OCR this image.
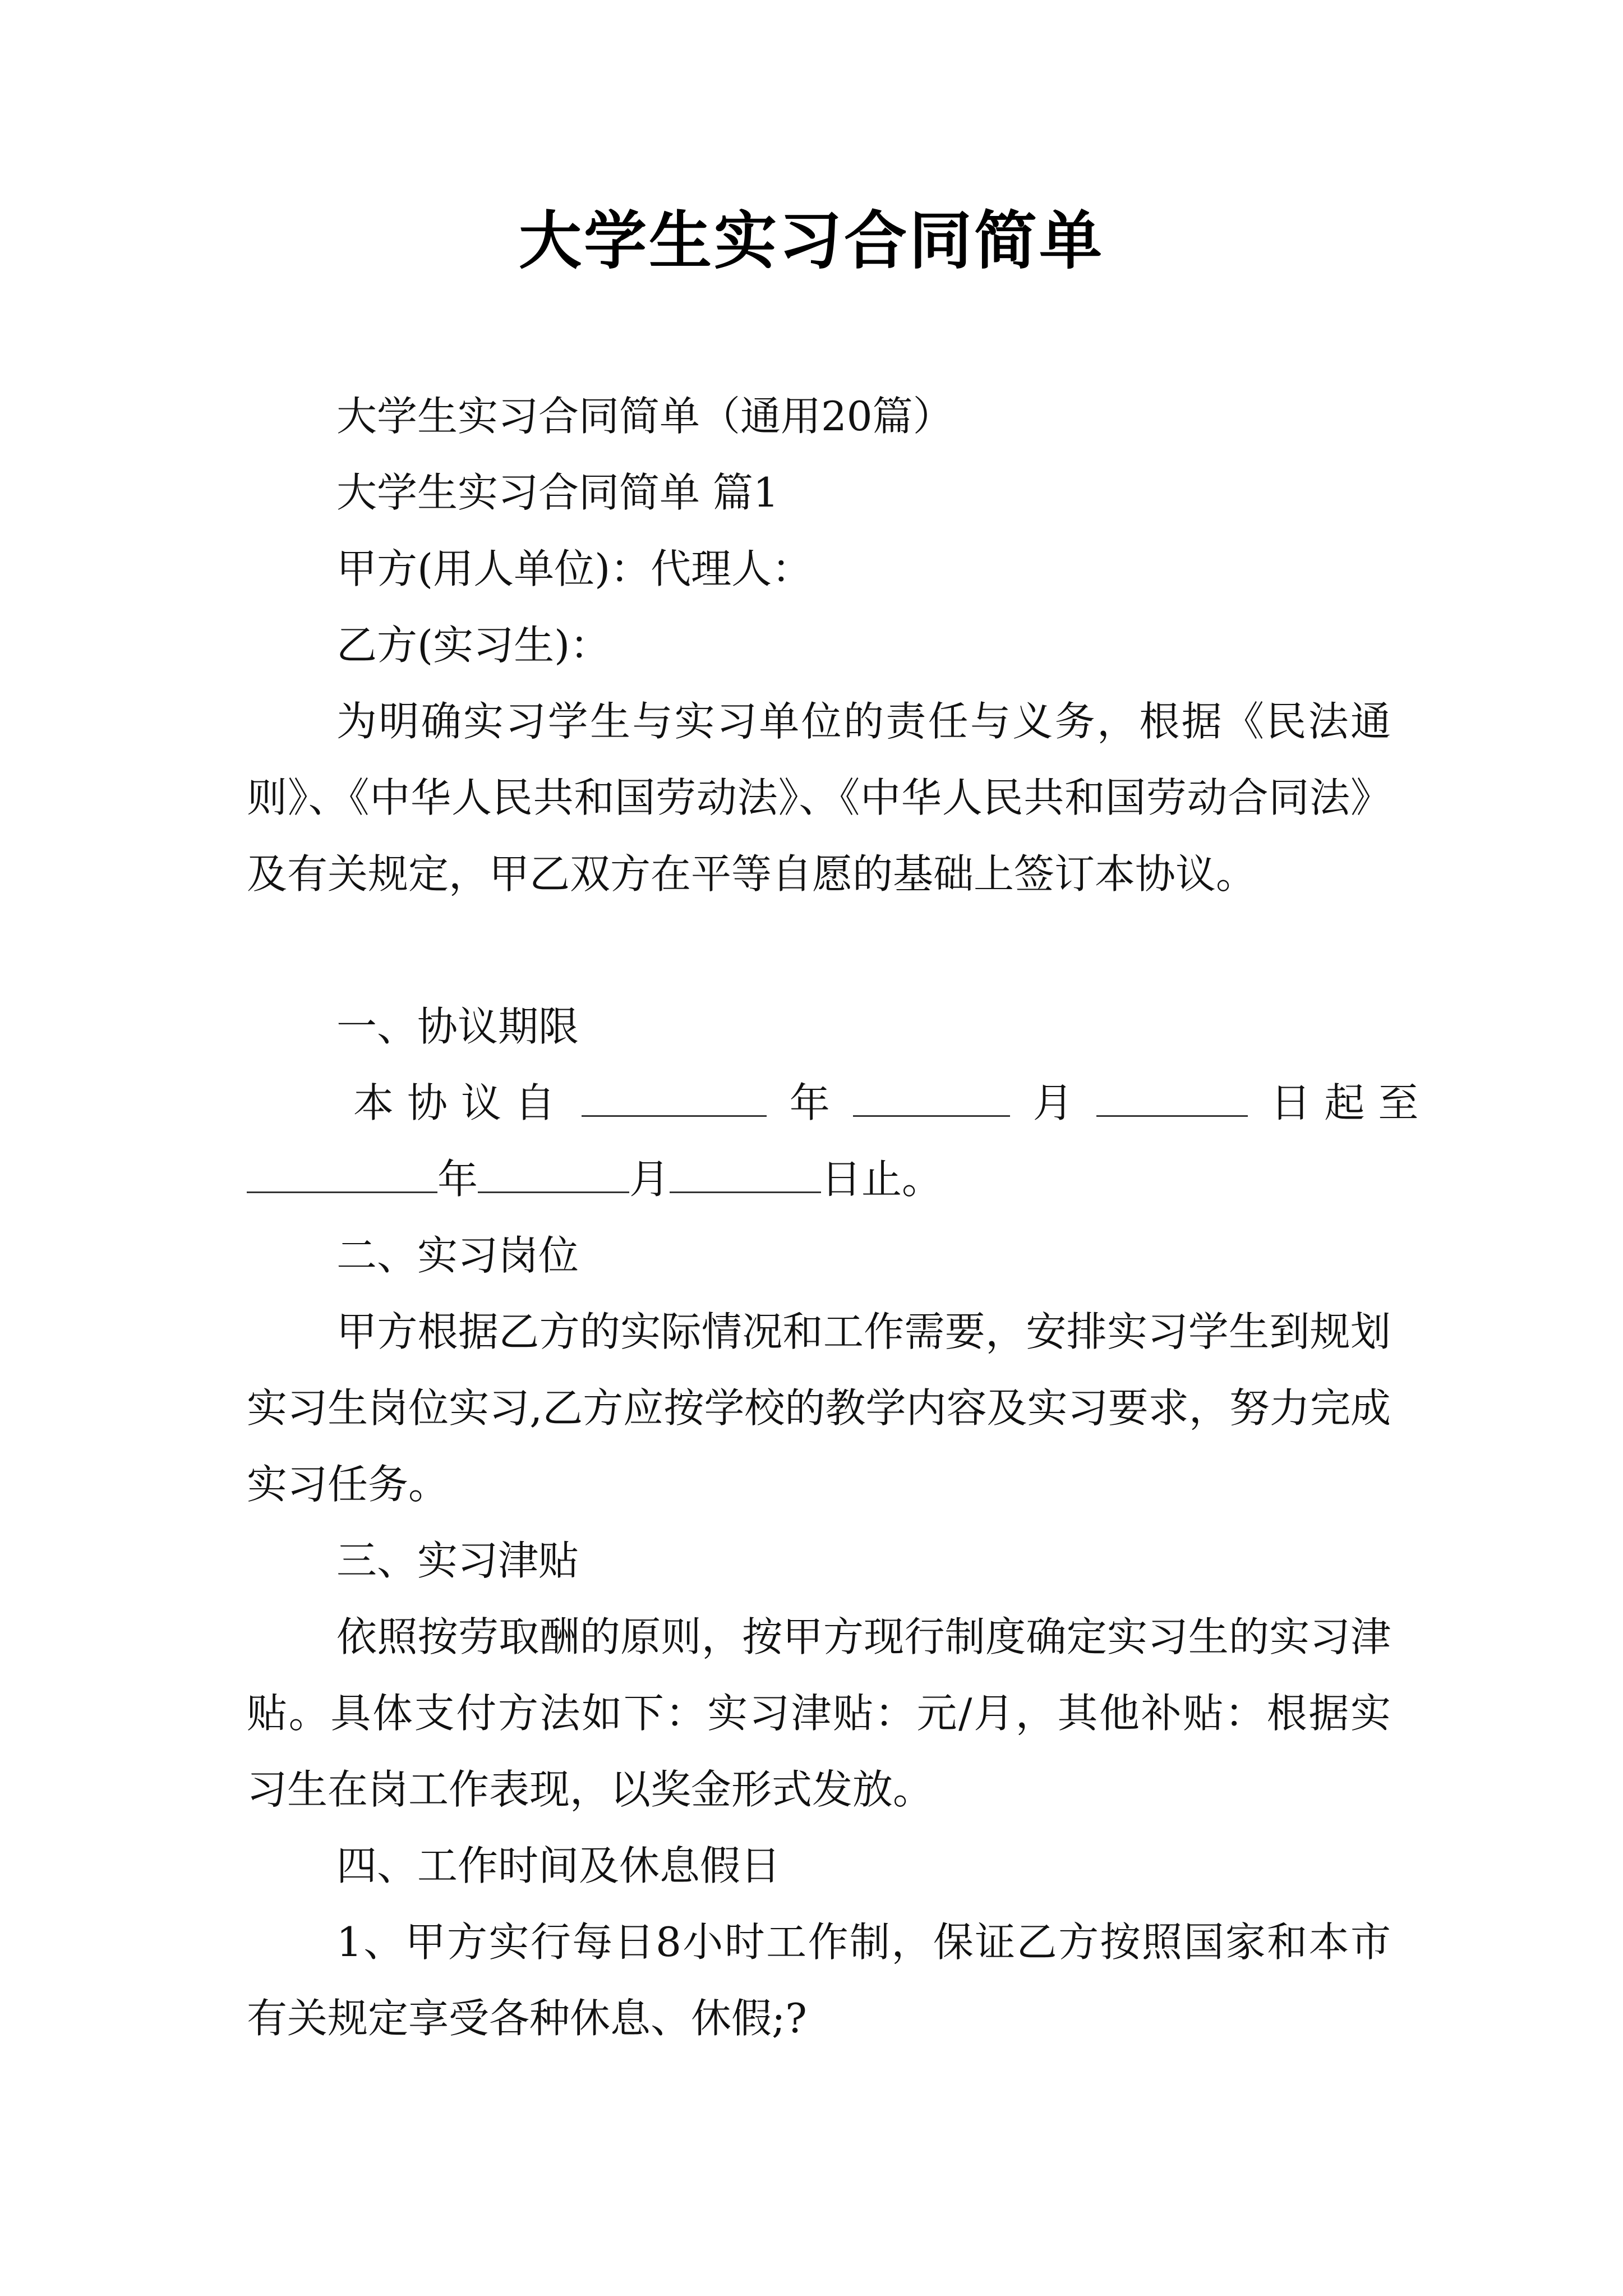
大学生实习合同简单
大学生实习合同简单（通用20篇）
大学生实习合同简单 篇1
甲方(用人单位)：代理人：
乙方(实习生)：
为明确实习学生与实习单位的责任与义务，根据《民法通则》、《中华人民共和国劳动法》、《中华人民共和国劳动合同法》及有关规定，甲乙双方在平等自愿的基础上签订本协议。
一、协议期限
本协议自	年	月	日起至
年	月	日止。
二、实习岗位
甲方根据乙方的实际情况和工作需要，安排实习学生到规划实习生岗位实习,乙方应按学校的教学内容及实习要求，努力完成实习任务。
三、实习津贴
依照按劳取酬的原则，按甲方现行制度确定实习生的实习津贴。具体支付方法如下：实习津贴：元/月，其他补贴：根据实习生在岗工作表现，以奖金形式发放。
四、工作时间及休息假日
1、甲方实行每日8小时工作制，保证乙方按照国家和本市有关规定享受各种休息、休假;?
